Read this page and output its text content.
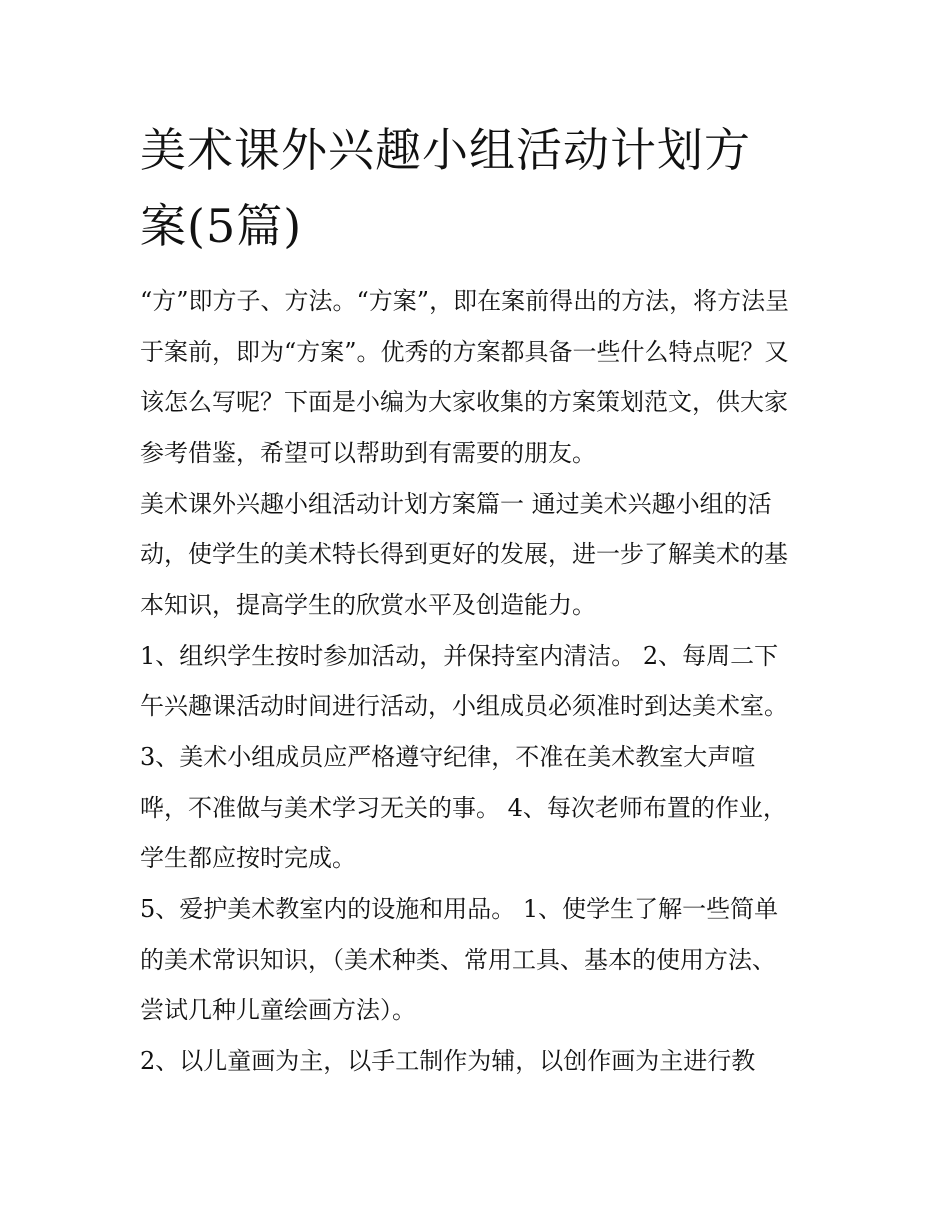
美术课外兴趣小组活动计划方
案(5篇)

“方”即方子、方法。“方案”，即在案前得出的方法，将方法呈

于案前，即为“方案”。优秀的方案都具备一些什么特点呢？又

该怎么写呢？下面是小编为大家收集的方案策划范文，供大家

参考借鉴，希望可以帮助到有需要的朋友。

美术课外兴趣小组活动计划方案篇一 通过美术兴趣小组的活

动，使学生的美术特长得到更好的发展，进一步了解美术的基

本知识，提高学生的欣赏水平及创造能力。

1、组织学生按时参加活动，并保持室内清洁。 2、每周二下

午兴趣课活动时间进行活动，小组成员必须准时到达美术室。

3、美术小组成员应严格遵守纪律，不准在美术教室大声喧

哗，不准做与美术学习无关的事。 4、每次老师布置的作业，

学生都应按时完成。

5、爱护美术教室内的设施和用品。 1、使学生了解一些简单

的美术常识知识，（美术种类、常用工具、基本的使用方法、

尝试几种儿童绘画方法）。

2、以儿童画为主，以手工制作为辅，以创作画为主进行教
